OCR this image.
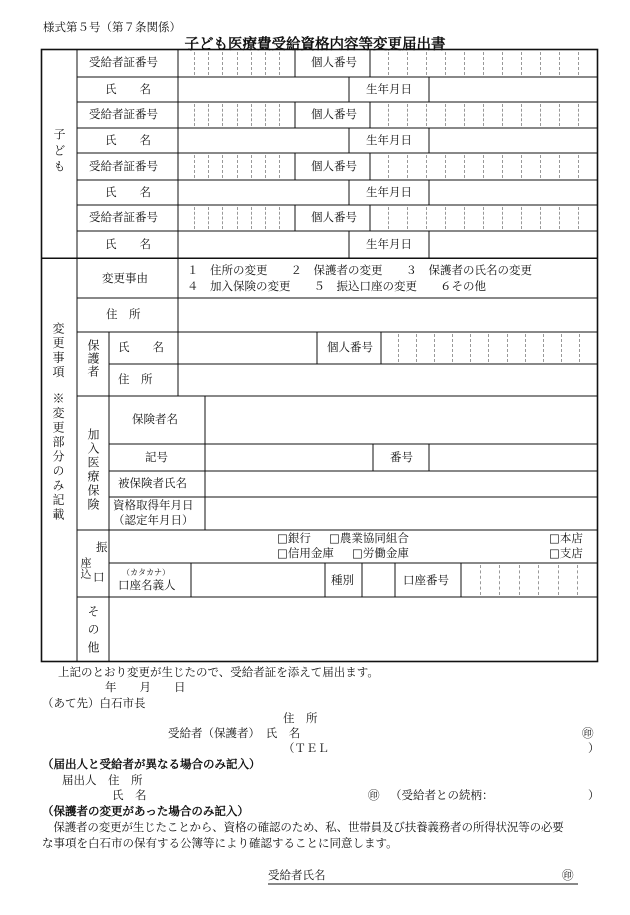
様式第５号（第７条関係）
子ども医療費受給資格内容等変更届出書
子ども
受給者証番号	個人番号
氏　　名	生年月日
受給者証番号	個人番号
氏　　名	生年月日
受給者証番号	個人番号
氏　　名	生年月日
受給者証番号	個人番号
氏　　名	生年月日
変更事項※変更部分のみ記載
変更事由
１　住所の変更　　２　保護者の変更　　３　保護者の氏名の変更
４　加入保険の変更　　５　振込口座の変更　　６その他
住　所
保護者
氏　　名	個人番号
住　所
加入医療保険
保険者名
記号	番号
被保険者氏名
資格取得年月日
（認定年月日）
振
座込 口
□銀行 □農業協同組合
□信用金庫 □労働金庫
□本店
□支店
（カタカナ）
口座名義人	種別	口座番号
その他
上記のとおり変更が生じたので、受給者証を添えて届出ます。
年　　月　　日
（あて先）白石市長
住　所
受給者（保護者）　氏　名	㊞
（ＴＥＬ	）
（届出人と受給者が異なる場合のみ記入）
届出人　住　所
氏　名	㊞ （受給者との続柄：	）
（保護者の変更があった場合のみ記入）
　保護者の変更が生じたことから、資格の確認のため、私、世帯員及び扶養義務者の所得状況等の必要
な事項を白石市の保有する公簿等により確認することに同意します。
受給者氏名	㊞
